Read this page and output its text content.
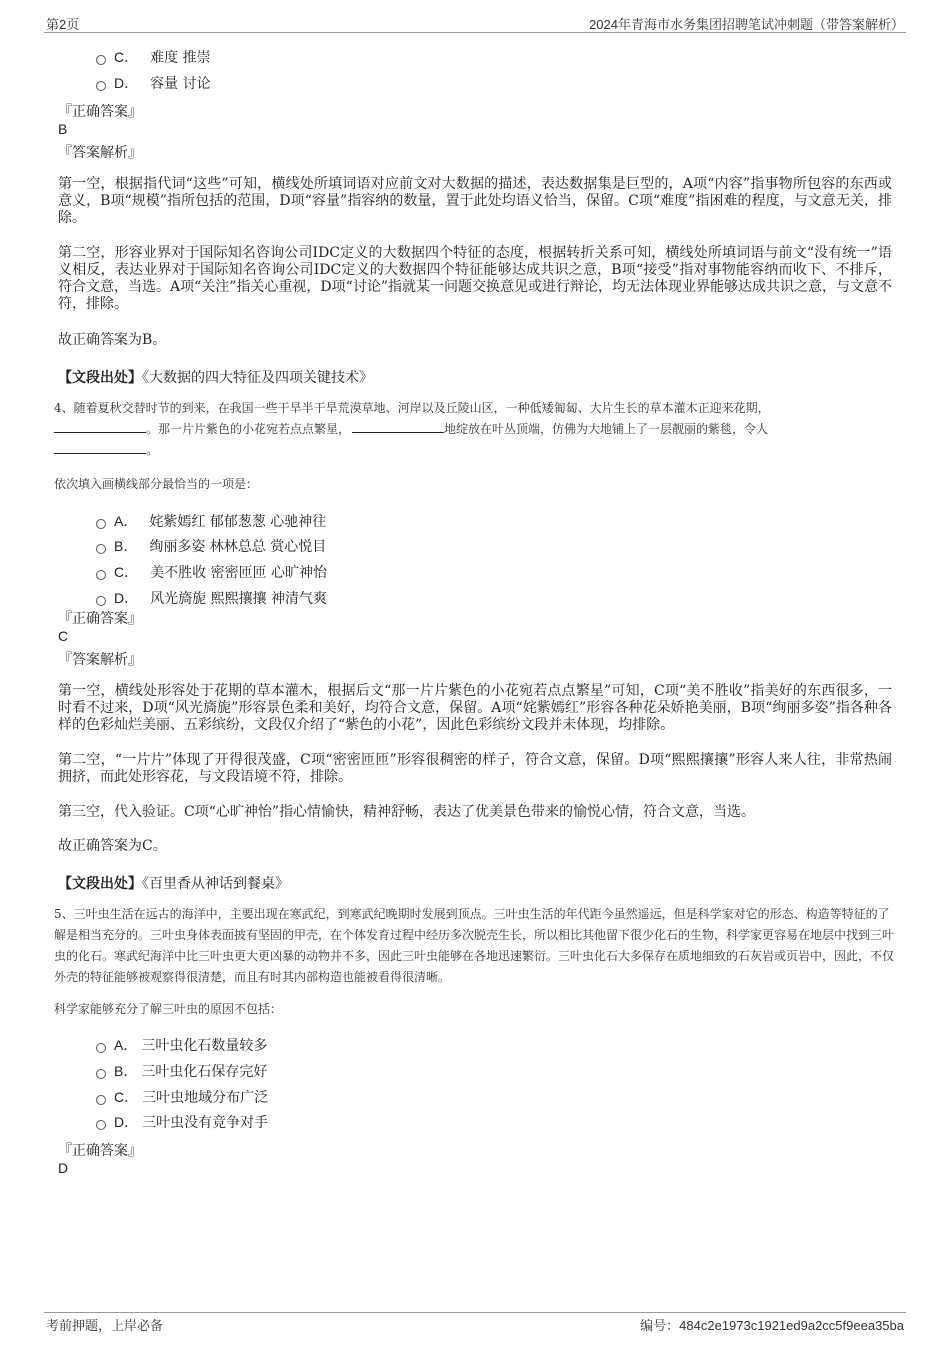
第2页	2024年青海市水务集团招聘笔试冲刺题（带答案解析）
C． 难度 推崇
D． 容量 讨论
『正确答案』
B
『答案解析』
第一空，根据指代词“这些”可知，横线处所填词语对应前文对大数据的描述，表达数据集是巨型的，A项“内容”指事物所包容的东西或意义，B项“规模”指所包括的范围，D项“容量”指容纳的数量，置于此处均语义恰当，保留。C项“难度”指困难的程度，与文意无关，排除。
第二空，形容业界对于国际知名咨询公司IDC定义的大数据四个特征的态度，根据转折关系可知，横线处所填词语与前文“没有统一”语义相反，表达业界对于国际知名咨询公司IDC定义的大数据四个特征能够达成共识之意，B项“接受”指对事物能容纳而收下、不排斥，符合文意，当选。A项“关注”指关心重视，D项“讨论”指就某一问题交换意见或进行辩论，均无法体现业界能够达成共识之意，与文意不符，排除。
故正确答案为B。
【文段出处】《大数据的四大特征及四项关键技术》
4、随着夏秋交替时节的到来，在我国一些干旱半干旱荒漠草地、河岸以及丘陵山区，一种低矮匍匐、大片生长的草本灌木正迎来花期，
。那一片片紫色的小花宛若点点繁星，	地绽放在叶丛顶端，仿佛为大地铺上了一层靓丽的紫毯，令人
。
依次填入画横线部分最恰当的一项是：
A． 姹紫嫣红 郁郁葱葱 心驰神往
B． 绚丽多姿 林林总总 赏心悦目
C． 美不胜收 密密匝匝 心旷神怡
D． 风光旖旎 熙熙攘攘 神清气爽
『正确答案』
C
『答案解析』
第一空，横线处形容处于花期的草本灌木，根据后文“那一片片紫色的小花宛若点点繁星”可知，C项“美不胜收”指美好的东西很多，一时看不过来，D项“风光旖旎”形容景色柔和美好，均符合文意，保留。A项“姹紫嫣红”形容各种花朵娇艳美丽，B项“绚丽多姿”指各种各样的色彩灿烂美丽、五彩缤纷，文段仅介绍了“紫色的小花”，因此色彩缤纷文段并未体现，均排除。
第二空，“一片片”体现了开得很茂盛，C项“密密匝匝”形容很稠密的样子，符合文意，保留。D项“熙熙攘攘”形容人来人往，非常热闹拥挤，而此处形容花，与文段语境不符，排除。
第三空，代入验证。C项“心旷神怡”指心情愉快，精神舒畅，表达了优美景色带来的愉悦心情，符合文意，当选。
故正确答案为C。
【文段出处】《百里香从神话到餐桌》
5、三叶虫生活在远古的海洋中，主要出现在寒武纪，到寒武纪晚期时发展到顶点。三叶虫生活的年代距今虽然遥远，但是科学家对它的形态、构造等特征的了解是相当充分的。三叶虫身体表面披有坚固的甲壳，在个体发育过程中经历多次脱壳生长，所以相比其他留下很少化石的生物，科学家更容易在地层中找到三叶虫的化石。寒武纪海洋中比三叶虫更大更凶暴的动物并不多，因此三叶虫能够在各地迅速繁衍。三叶虫化石大多保存在质地细致的石灰岩或页岩中，因此，不仅外壳的特征能够被观察得很清楚，而且有时其内部构造也能被看得很清晰。
科学家能够充分了解三叶虫的原因不包括：
A． 三叶虫化石数量较多
B． 三叶虫化石保存完好
C． 三叶虫地域分布广泛
D． 三叶虫没有竞争对手
『正确答案』
D
考前押题，上岸必备	编号：484c2e1973c1921ed9a2cc5f9eea35ba
